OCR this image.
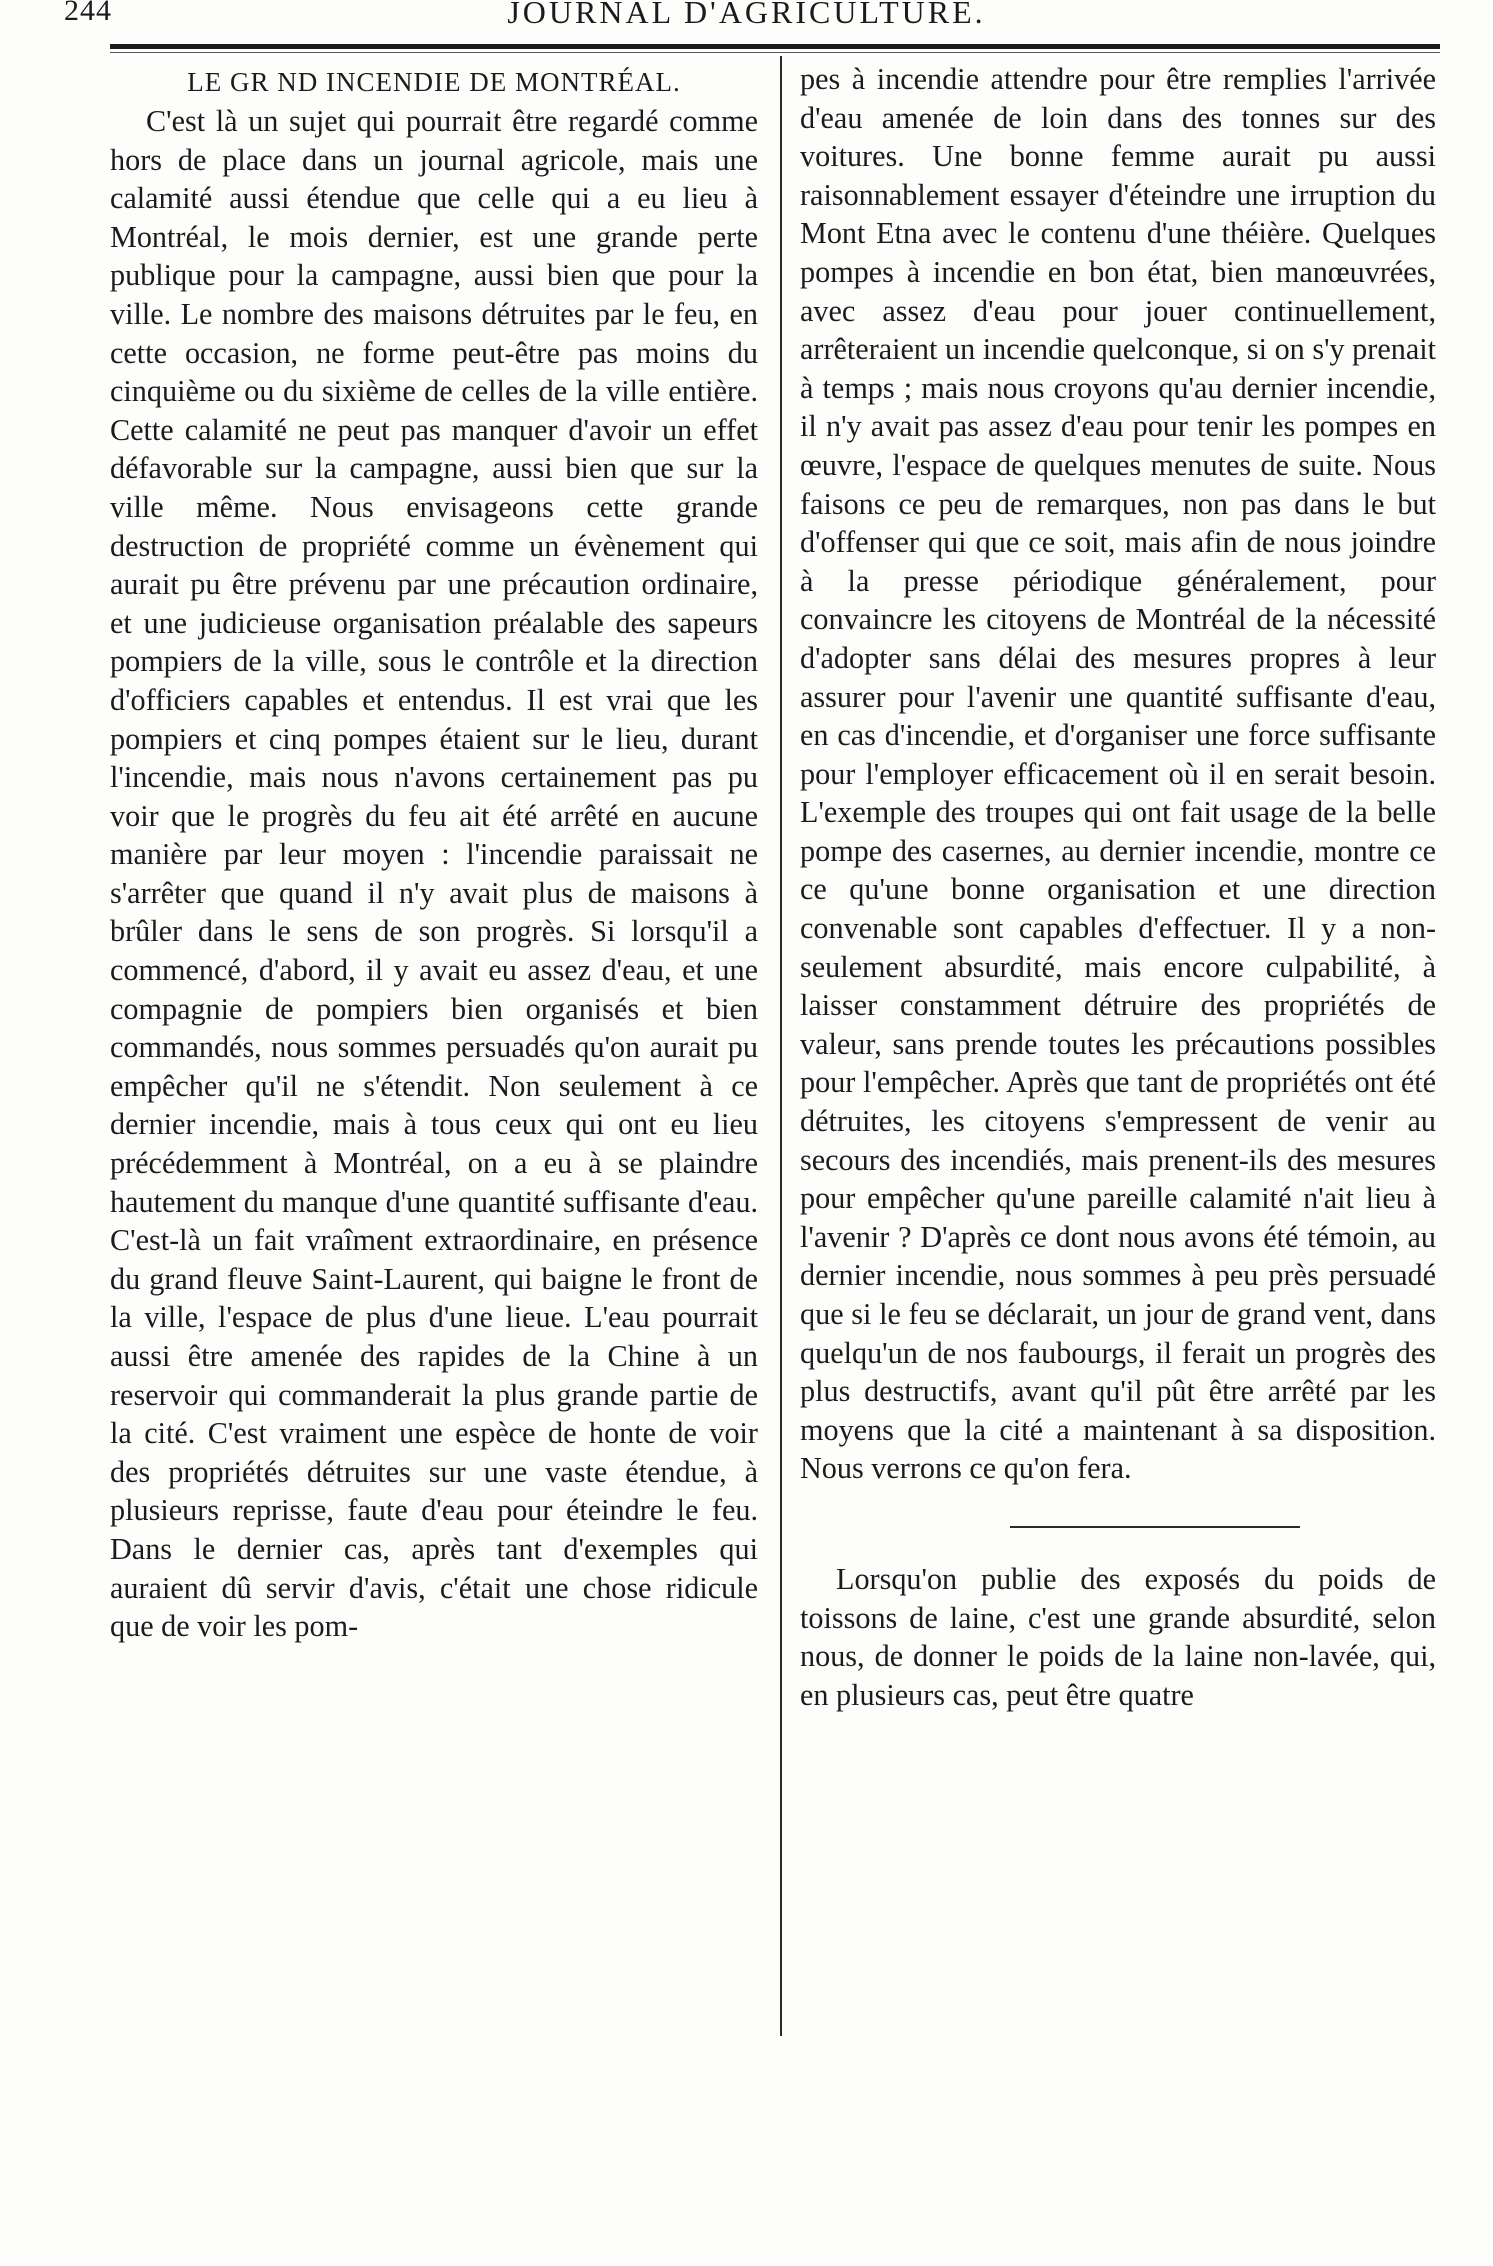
244	JOURNAL D'AGRICULTURE.
LE GR ND INCENDIE DE MONTRÉAL.

C'est là un sujet qui pourrait être regardé comme hors de place dans un journal agricole, mais une calamité aussi étendue que celle qui a eu lieu à Montréal, le mois dernier, est une grande perte publique pour la campagne, aussi bien que pour la ville. Le nombre des maisons détruites par le feu, en cette occasion, ne forme peut-être pas moins du cinquième ou du sixième de celles de la ville entière. Cette calamité ne peut pas manquer d'avoir un effet défavorable sur la campagne, aussi bien que sur la ville même. Nous envisageons cette grande destruction de propriété comme un évènement qui aurait pu être prévenu par une précaution ordinaire, et une judicieuse organisation préalable des sapeurs pompiers de la ville, sous le contrôle et la direction d'officiers capables et entendus. Il est vrai que les pompiers et cinq pompes étaient sur le lieu, durant l'incendie, mais nous n'avons certainement pas pu voir que le progrès du feu ait été arrêté en aucune manière par leur moyen : l'incendie paraissait ne s'arrêter que quand il n'y avait plus de maisons à brûler dans le sens de son progrès. Si lorsqu'il a commencé, d'abord, il y avait eu assez d'eau, et une compagnie de pompiers bien organisés et bien commandés, nous sommes persuadés qu'on aurait pu empêcher qu'il ne s'étendit. Non seulement à ce dernier incendie, mais à tous ceux qui ont eu lieu précédemment à Montréal, on a eu à se plaindre hautement du manque d'une quantité suffisante d'eau. C'est-là un fait vraîment extraordinaire, en présence du grand fleuve Saint-Laurent, qui baigne le front de la ville, l'espace de plus d'une lieue. L'eau pourrait aussi être amenée des rapides de la Chine à un reservoir qui commanderait la plus grande partie de la cité. C'est vraiment une espèce de honte de voir des propriétés détruites sur une vaste étendue, à plusieurs reprisse, faute d'eau pour éteindre le feu. Dans le dernier cas, après tant d'exemples qui auraient dû servir d'avis, c'était une chose ridicule que de voir les pom-

pes à incendie attendre pour être remplies l'arrivée d'eau amenée de loin dans des tonnes sur des voitures. Une bonne femme aurait pu aussi raisonnablement essayer d'éteindre une irruption du Mont Etna avec le contenu d'une théière. Quelques pompes à incendie en bon état, bien manœuvrées, avec assez d'eau pour jouer continuellement, arrêteraient un incendie quelconque, si on s'y prenait à temps ; mais nous croyons qu'au dernier incendie, il n'y avait pas assez d'eau pour tenir les pompes en œuvre, l'espace de quelques menutes de suite. Nous faisons ce peu de remarques, non pas dans le but d'offenser qui que ce soit, mais afin de nous joindre à la presse périodique généralement, pour convaincre les citoyens de Montréal de la nécessité d'adopter sans délai des mesures propres à leur assurer pour l'avenir une quantité suffisante d'eau, en cas d'incendie, et d'organiser une force suffisante pour l'employer efficacement où il en serait besoin. L'exemple des troupes qui ont fait usage de la belle pompe des casernes, au dernier incendie, montre ce ce qu'une bonne organisation et une direction convenable sont capables d'effectuer. Il y a non-seulement absurdité, mais encore culpabilité, à laisser constamment détruire des propriétés de valeur, sans prende toutes les précautions possibles pour l'empêcher. Après que tant de propriétés ont été détruites, les citoyens s'empressent de venir au secours des incendiés, mais prenent-ils des mesures pour empêcher qu'une pareille calamité n'ait lieu à l'avenir ? D'après ce dont nous avons été témoin, au dernier incendie, nous sommes à peu près persuadé que si le feu se déclarait, un jour de grand vent, dans quelqu'un de nos faubourgs, il ferait un progrès des plus destructifs, avant qu'il pût être arrêté par les moyens que la cité a maintenant à sa disposition. Nous verrons ce qu'on fera.

Lorsqu'on publie des exposés du poids de toissons de laine, c'est une grande absurdité, selon nous, de donner le poids de la laine non-lavée, qui, en plusieurs cas, peut être quatre
